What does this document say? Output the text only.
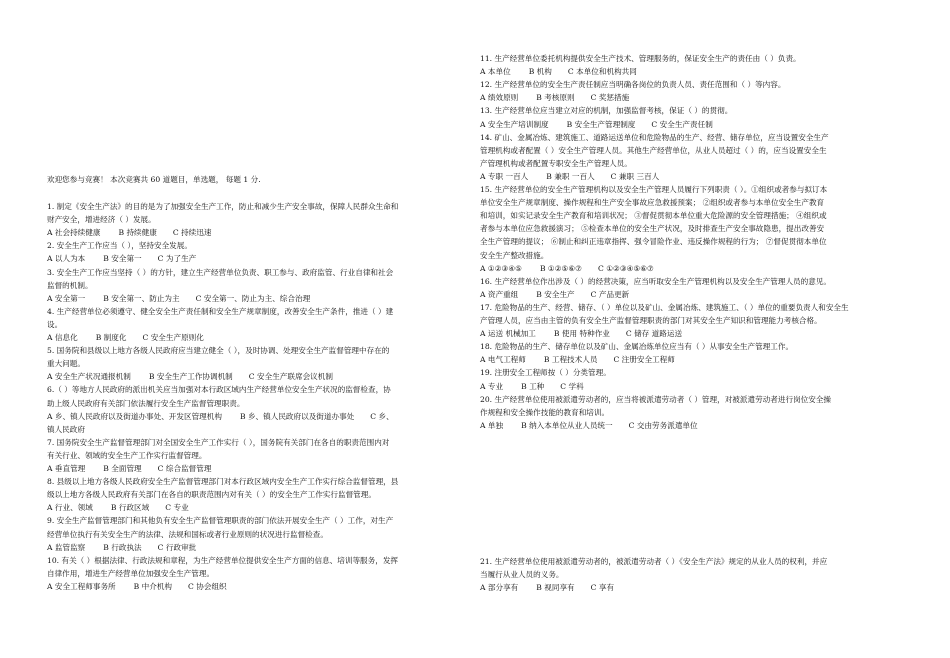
欢迎您参与竞赛！ 本次竞赛共 60 道题目，单选题， 每题 1 分.
1. 制定《安全生产法》的目的是为了加强安全生产工作，防止和减少生产安全事故，保障人民群众生命和
财产安全，增进经济（ ）发展。
A 社会持续健康 B 持续健康 C 持续迅速
2. 安全生产工作应当（ ），坚持安全发展。
A 以人为本 B 安全第一 C 为了生产
3. 安全生产工作应当坚持（ ）的方针，建立生产经营单位负责、职工参与、政府监管、行业自律和社会
监督的机制。
A 安全第一 B 安全第一、防止为主 C 安全第一、防止为主、综合治理
4. 生产经营单位必须遵守、健全安全生产责任制和安全生产规章制度，改善安全生产条件，推进（ ）建
设。
A 信息化 B 制度化 C 安全生产原则化
5. 国务院和县级以上地方各级人民政府应当建立健全（ ），及时协调、处理安全生产监督管理中存在的
重大问题。
A 安全生产状况通报机制 B 安全生产工作协调机制 C 安全生产联席会议机制
6.（ ）等地方人民政府的派出机关应当加强对本行政区域内生产经营单位安全生产状况的监督检查，协
助上级人民政府有关部门依法履行安全生产监督管理职责。
A 乡、镇人民政府以及街道办事处、开发区管理机构 B 乡、镇人民政府以及街道办事处 C 乡、
镇人民政府
7. 国务院安全生产监督管理部门对全国安全生产工作实行（ ），国务院有关部门在各自的职责范围内对
有关行业、领域的安全生产工作实行监督管理。
A 垂直管理 B 全面管理 C 综合监督管理
8. 县级以上地方各级人民政府安全生产监督管理部门对本行政区域内安全生产工作实行综合监督管理，县
级以上地方各级人民政府有关部门在各自的职责范围内对有关（ ）的安全生产工作实行监督管理。
A 行业、领域 B 行政区域 C 专业
9. 安全生产监督管理部门和其他负有安全生产监督管理职责的部门依法开展安全生产（ ）工作，对生产
经营单位执行有关安全生产的法律、法规和国标或者行业原则的状况进行监督检查。
A 监管监察 B 行政执法 C 行政审批
10. 有关（ ）根据法律、行政法规和章程，为生产经营单位提供安全生产方面的信息、培训等服务，发挥
自律作用，增进生产经营单位加强安全生产管理。
A 安全工程师事务所 B 中介机构 C 协会组织
11. 生产经营单位委托机构提供安全生产技术、管理服务的，保证安全生产的责任由（ ）负责。
A 本单位 B 机构 C 本单位和机构共同
12. 生产经营单位的安全生产责任制应当明确各岗位的负责人员、责任范围和（ ）等内容。
A 绩效原则 B 考核原则 C 奖惩措施
13. 生产经营单位应当建立对应的机制，加强监督考核，保证（ ）的贯彻。
A 安全生产培训制度 B 安全生产管理制度 C 安全生产责任制
14. 矿山、金属冶炼、建筑施工、道路运送单位和危险物品的生产、经营、储存单位，应当设置安全生产
管理机构或者配置（ ）安全生产管理人员。其他生产经营单位，从业人员超过（ ）的，应当设置安全生
产管理机构或者配置专职安全生产管理人员。
A 专职 一百人 B 兼职 一百人 C 兼职 三百人
15. 生产经营单位的安全生产管理机构以及安全生产管理人员履行下列职责（ ）。①组织或者参与拟订本
单位安全生产规章制度、操作规程和生产安全事故应急救援预案； ②组织或者参与本单位安全生产教育
和培训，如实记录安全生产教育和培训状况； ③督促贯彻本单位重大危险源的安全管理措施； ④组织或
者参与本单位应急救援演习； ⑤检查本单位的安全生产状况，及时排查生产安全事故隐患，提出改善安
全生产管理的提议； ⑥制止和纠正违章指挥、强令冒险作业、违反操作规程的行为； ⑦督促贯彻本单位
安全生产整改措施。
A ①②③④⑤ B ①②⑤⑥⑦ C ①②③④⑤⑥⑦
16. 生产经营单位作出涉及（ ）的经营决策，应当听取安全生产管理机构以及安全生产管理人员的意见。
A 资产重组 B 安全生产 C 产品更新
17. 危险物品的生产、经营、储存、（ ）单位以及矿山、金属冶炼、建筑施工、（ ）单位的重要负责人和安全生
产管理人员，应当由主管的负有安全生产监督管理职责的部门对其安全生产知识和管理能力考核合格。
A 运送 机械加工 B 使用 特种作业 C 储存 道路运送
18. 危险物品的生产、储存单位以及矿山、金属冶炼单位应当有（ ）从事安全生产管理工作。
A 电气工程师 B 工程技术人员 C 注册安全工程师
19. 注册安全工程师按（ ）分类管理。
A 专业 B 工种 C 学科
20. 生产经营单位使用被派遣劳动者的，应当将被派遣劳动者（ ）管理，对被派遣劳动者进行岗位安全操
作规程和安全操作技能的教育和培训。
A 单独 B 纳入本单位从业人员统一 C 交由劳务派遣单位
21. 生产经营单位使用被派遣劳动者的，被派遣劳动者（ ）《安全生产法》规定的从业人员的权利，并应
当履行从业人员的义务。
A 部分享有 B 视同享有 C 享有
